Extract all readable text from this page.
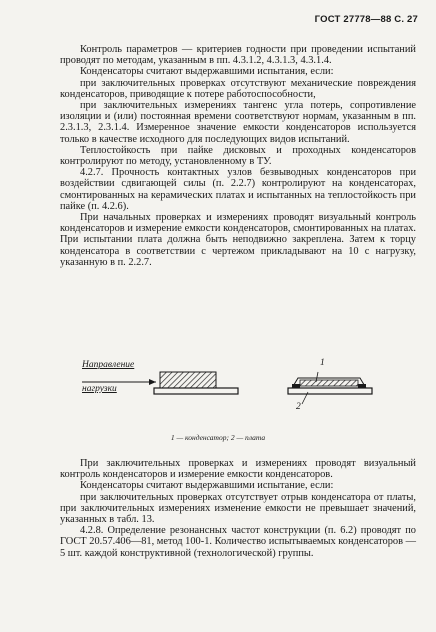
ГОСТ 27778—88 С. 27

Контроль параметров — критериев годности при проведении испытаний проводят по методам, указанным в пп. 4.3.1.2, 4.3.1.3, 4.3.1.4.

Конденсаторы считают выдержавшими испытания, если:

при заключительных проверках отсутствуют механические повреждения конденсаторов, приводящие к потере работоспособности,

при заключительных измерениях тангенс угла потерь, сопротивление изоляции и (или) постоянная времени соответствуют нормам, указанным в пп. 2.3.1.3, 2.3.1.4. Измеренное значение емкости конденсаторов используется только в качестве исходного для последующих видов испытаний.

Теплостойкость при пайке дисковых и проходных конденсаторов контролируют по методу, установленному в ТУ.

4.2.7. Прочность контактных узлов безвыводных конденсаторов при воздействии сдвигающей силы (п. 2.2.7) контролируют на конденсаторах, смонтированных на керамических платах и испытанных на теплостойкость при пайке (п. 4.2.6).

При начальных проверках и измерениях проводят визуальный контроль конденсаторов и измерение емкости конденсаторов, смонтированных на платах. При испытании плата должна быть неподвижно закреплена. Затем к торцу конденсатора в соответствии с чертежом прикладывают на 10 с нагрузку, указанную в п. 2.2.7.

Направление
нагрузки
1
2
1 — конденсатор; 2 — плата

При заключительных проверках и измерениях проводят визуальный контроль конденсаторов и измерение емкости конденсаторов.

Конденсаторы считают выдержавшими испытание, если:

при заключительных проверках отсутствует отрыв конденсатора от платы, при заключительных измерениях изменение емкости не превышает значений, указанных в табл. 13.

4.2.8. Определение резонансных частот конструкции (п. 6.2) проводят по ГОСТ 20.57.406—81, метод 100-1. Количество испытываемых конденсаторов — 5 шт. каждой конструктивной (технологической) группы.
